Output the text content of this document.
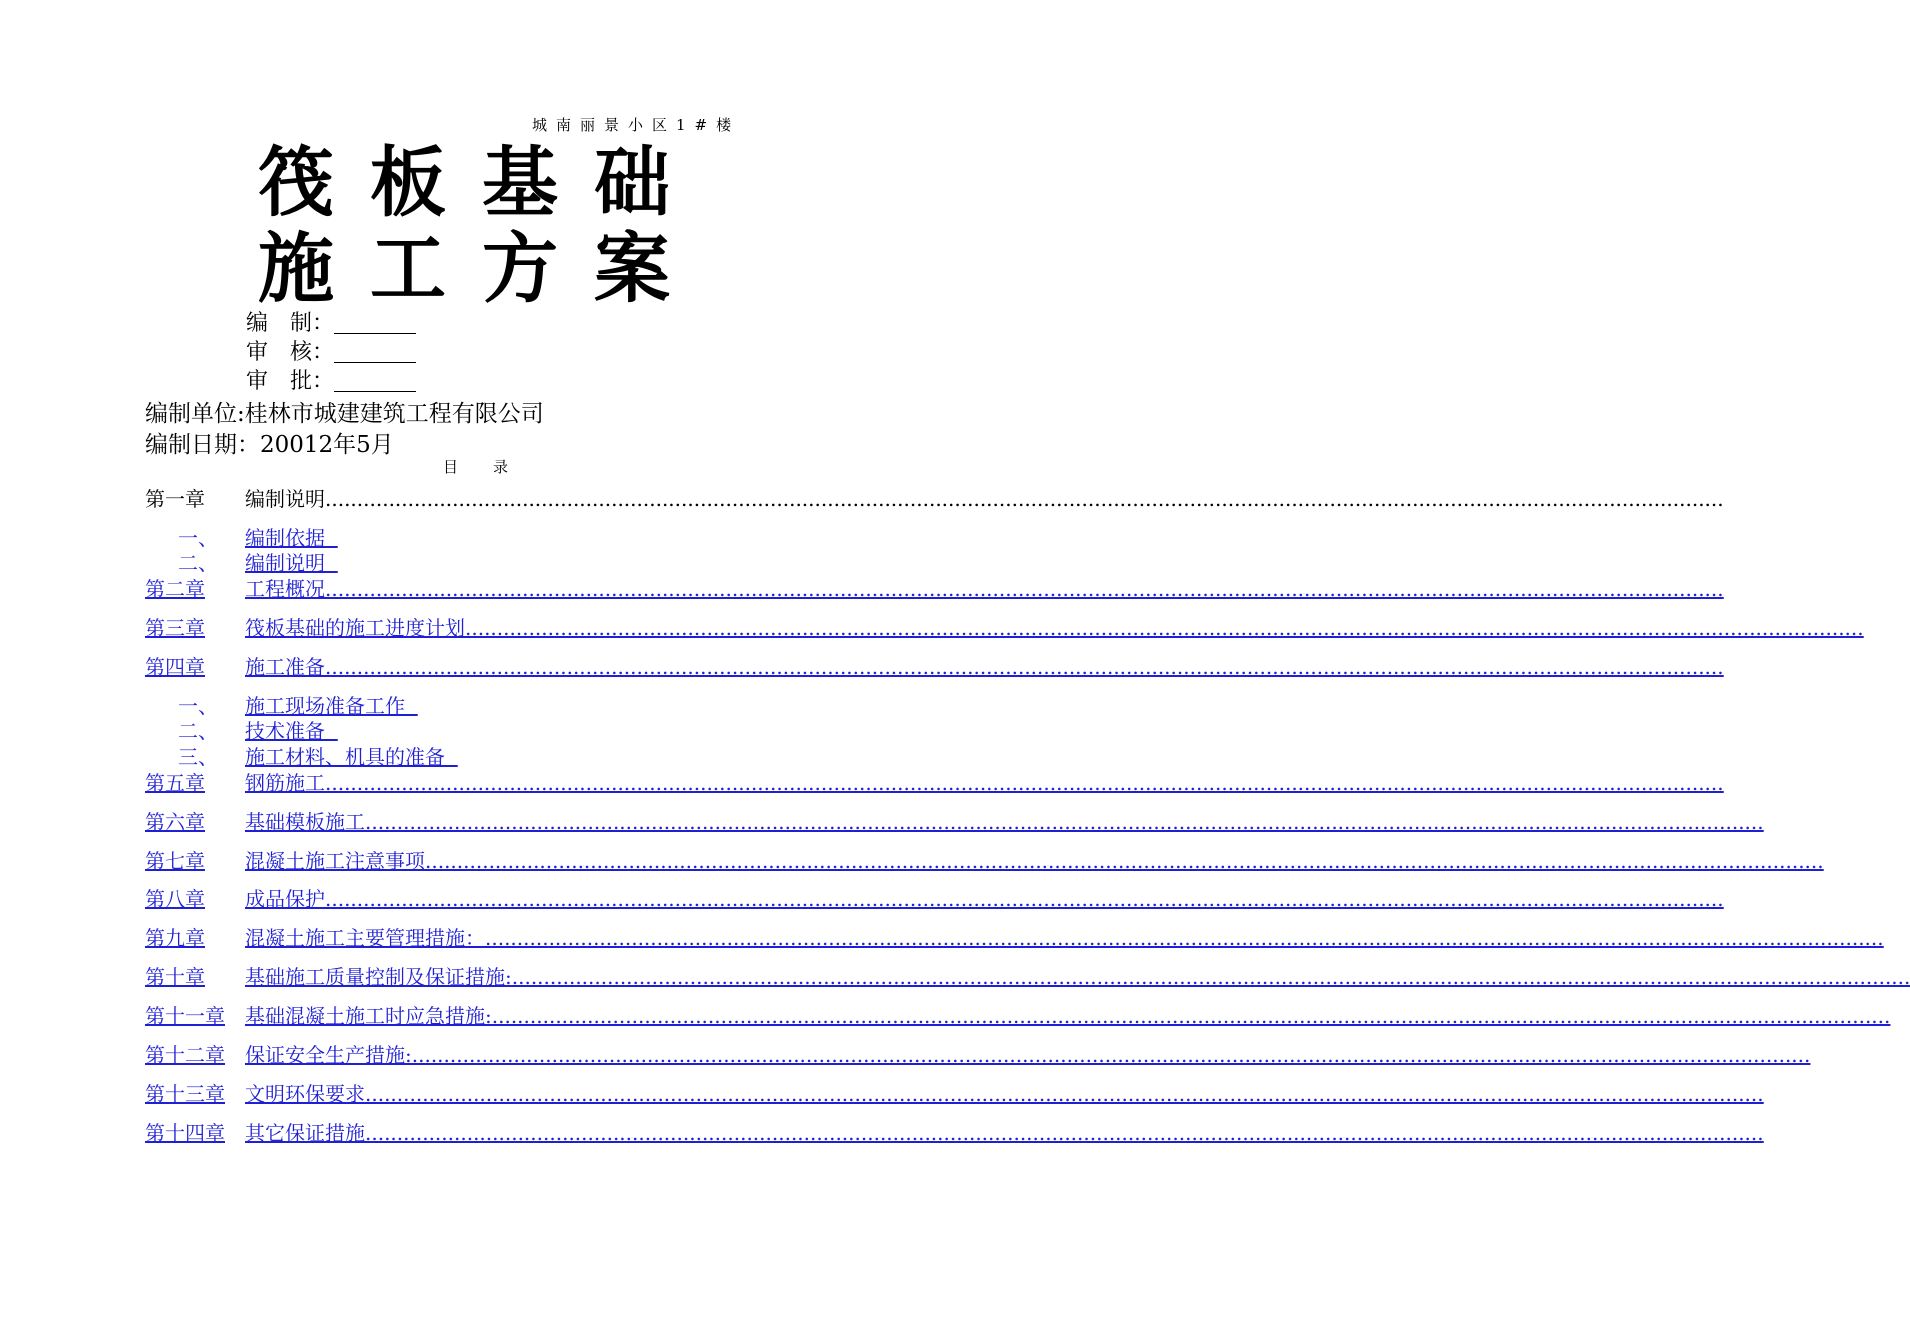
城南丽景小区1#楼
筏板基础
施工方案
编　制：
审　核：
审　批：
编制单位:桂林市城建建筑工程有限公司
编制日期：20012年5月
目 录
第一章 编制说明............................................................................................................................................................................................................................
第二章 工程概况............................................................................................................................................................................................................................
第三章 筏板基础的施工进度计划............................................................................................................................................................................................................................
第四章 施工准备............................................................................................................................................................................................................................
第五章 钢筋施工............................................................................................................................................................................................................................
第六章 基础模板施工............................................................................................................................................................................................................................
第七章 混凝土施工注意事项............................................................................................................................................................................................................................
第八章 成品保护............................................................................................................................................................................................................................
第九章 混凝土施工主要管理措施：............................................................................................................................................................................................................................
第十章 基础施工质量控制及保证措施:............................................................................................................................................................................................................................
第十一章 基础混凝土施工时应急措施:............................................................................................................................................................................................................................
第十二章 保证安全生产措施:............................................................................................................................................................................................................................
第十三章 文明环保要求............................................................................................................................................................................................................................
第十四章 其它保证措施............................................................................................................................................................................................................................
一、 编制依据
二、 编制说明
一、 施工现场准备工作
二、 技术准备
三、 施工材料、机具的准备
